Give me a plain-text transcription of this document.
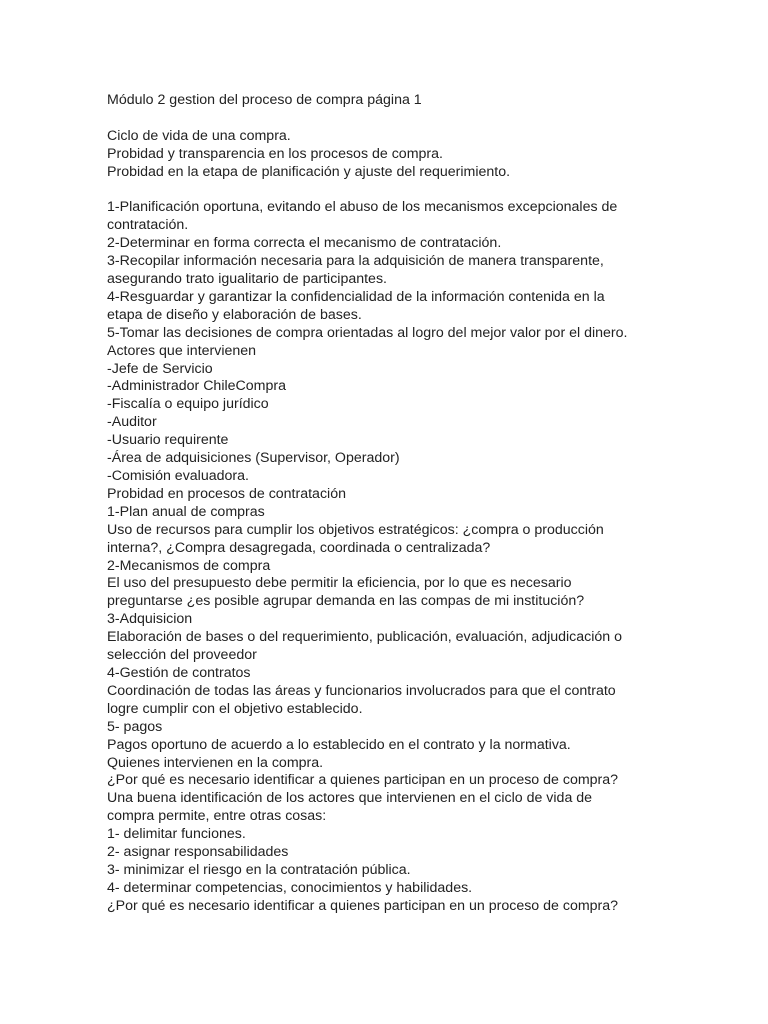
Módulo 2 gestion del proceso de compra página 1
Ciclo de vida de una compra.
Probidad y transparencia en los procesos de compra.
Probidad en la etapa de planificación y ajuste del requerimiento.
1-Planificación oportuna, evitando el abuso de los mecanismos excepcionales de
contratación.
2-Determinar en forma correcta el mecanismo de contratación.
3-Recopilar información necesaria para la adquisición de manera transparente,
asegurando trato igualitario de participantes.
4-Resguardar y garantizar la confidencialidad de la información contenida en la
etapa de diseño y elaboración de bases.
5-Tomar las decisiones de compra orientadas al logro del mejor valor por el dinero.
Actores que intervienen
-Jefe de Servicio
-Administrador ChileCompra
-Fiscalía o equipo jurídico
-Auditor
-Usuario requirente
-Área de adquisiciones (Supervisor, Operador)
-Comisión evaluadora.
Probidad en procesos de contratación
1-Plan anual de compras
Uso de recursos para cumplir los objetivos estratégicos: ¿compra o producción
interna?, ¿Compra desagregada, coordinada o centralizada?
2-Mecanismos de compra
El uso del presupuesto debe permitir la eficiencia, por lo que es necesario
preguntarse ¿es posible agrupar demanda en las compas de mi institución?
3-Adquisicion
Elaboración de bases o del requerimiento, publicación, evaluación, adjudicación o
selección del proveedor
4-Gestión de contratos
Coordinación de todas las áreas y funcionarios involucrados para que el contrato
logre cumplir con el objetivo establecido.
5- pagos
Pagos oportuno de acuerdo a lo establecido en el contrato y la normativa.
Quienes intervienen en la compra.
¿Por qué es necesario identificar a quienes participan en un proceso de compra?
Una buena identificación de los actores que intervienen en el ciclo de vida de
compra permite, entre otras cosas:
1- delimitar funciones.
2- asignar responsabilidades
3- minimizar el riesgo en la contratación pública.
4- determinar competencias, conocimientos y habilidades.
¿Por qué es necesario identificar a quienes participan en un proceso de compra?
